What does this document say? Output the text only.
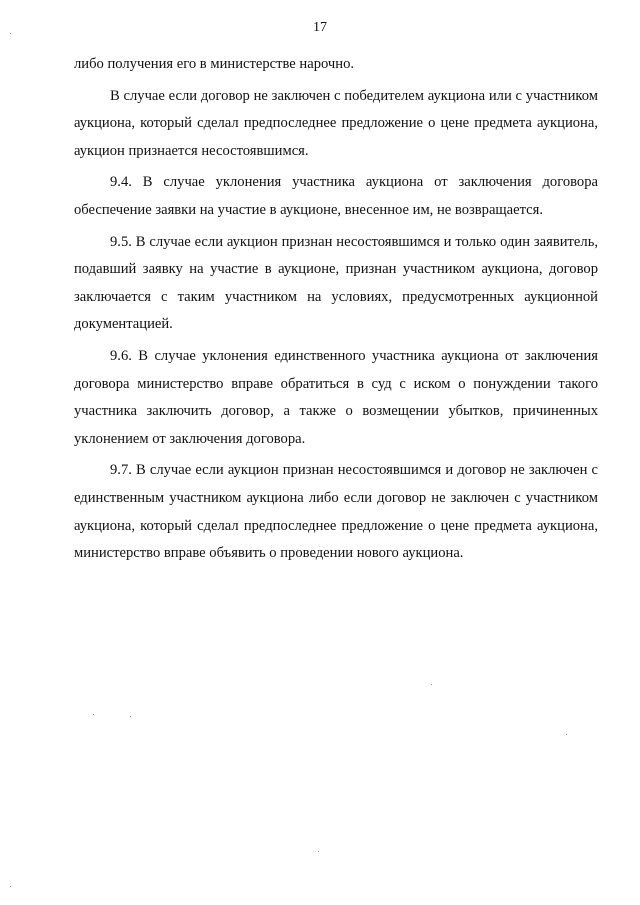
17

либо получения его в министерстве нарочно.

В случае если договор не заключен с победителем аукциона или с участником аукциона, который сделал предпоследнее предложение о цене предмета аукциона, аукцион признается несостоявшимся.

9.4. В случае уклонения участника аукциона от заключения договора обеспечение заявки на участие в аукционе, внесенное им, не возвращается.

9.5. В случае если аукцион признан несостоявшимся и только один заявитель, подавший заявку на участие в аукционе, признан участником аукциона, договор заключается с таким участником на условиях, предусмотренных аукционной документацией.

9.6. В случае уклонения единственного участника аукциона от заключения договора министерство вправе обратиться в суд с иском о понуждении такого участника заключить договор, а также о возмещении убытков, причиненных уклонением от заключения договора.

9.7. В случае если аукцион признан несостоявшимся и договор не заключен с единственным участником аукциона либо если договор не заключен с участником аукциона, который сделал предпоследнее предложение о цене предмета аукциона, министерство вправе объявить о проведении нового аукциона.
